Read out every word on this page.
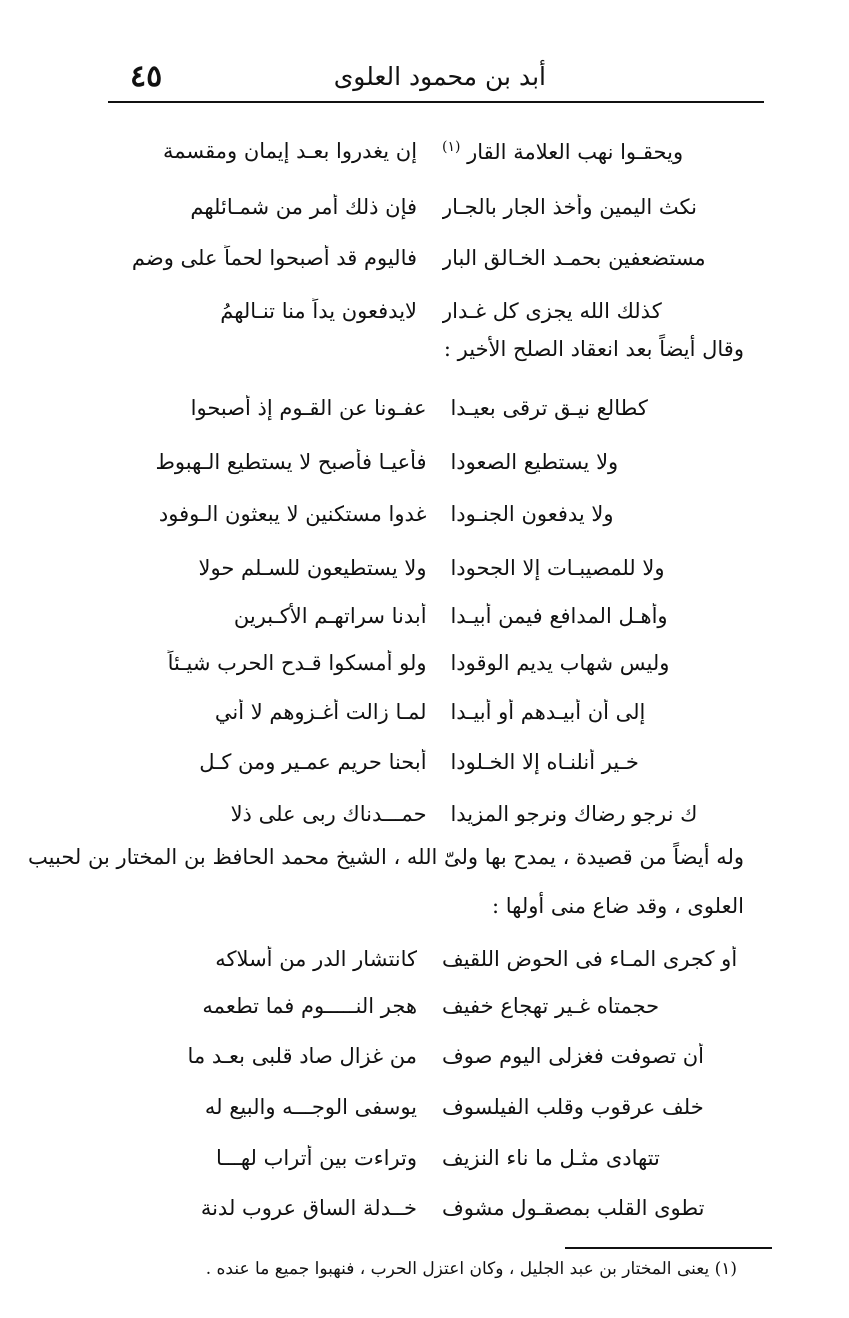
٤٥	أبد بن محمود العلوى
إن يغدروا بعـد إيمان ومقسمة	ويحقـوا نهب العلامة القار $^{(١)}$
فإن ذلك أمر من شمـائلهم نكث اليمين وأخذ الجار بالجـار
فاليوم قد أصبحوا لحماً على وضم مستضعفين بحمـد الخـالق البار
لايدفعون يداً منا تنـالهمُ كذلك الله يجزى كل غـدار
وقال أيضاً بعد انعقاد الصلح الأخير :
عفـونا عن القـوم إذ أصبحوا كطالع نيـق ترقى بعيـدا
فأعيـا فأصبح لا يستطيع الـهبوط ولا يستطيع الصعودا
غدوا مستكنين لا يبعثون الـوفود ولا يدفعون الجنـودا
ولا يستطيعون للسـلم حولا ولا للمصيبـات إلا الجحودا
أبدنا سراتهـم الأكـبرين وأهـل المدافع فيمن أبيـدا
ولو أمسكوا قـدح الحرب شيـئاً وليس شهاب يديم الوقودا
لمـا زالت أغـزوهم لا أني إلى أن أبيـدهم أو أبيـدا
أبحنا حريم عمـير ومن كـل خـير أنلنـاه إلا الخـلودا
حمـــدناك ربى على ذلا ك نرجو رضاك ونرجو المزيدا
وله أيضاً من قصيدة ، يمدح بها ولىّ الله ، الشيخ محمد الحافظ بن المختار بن لحبيب
العلوى ، وقد ضاع منى أولها :
كانتشار الدر من أسلاكه أو كجرى المـاء فى الحوض اللقيف
هجر النـــــوم فما تطعمه حجمتاه غـير تهجاع خفيف
من غزال صاد قلبى بعـد ما أن تصوفت فغزلى اليوم صوف
يوسفى الوجـــه والبيع له خلف عرقوب وقلب الفيلسوف
وتراءت بين أتراب لهـــا تتهادى مثـل ما ناء النزيف
خــدلة الساق عروب لدنة تطوى القلب بمصقـول مشوف
(١) يعنى المختار بن عبد الجليل ، وكان اعتزل الحرب ، فنهبوا جميع ما عنده .
